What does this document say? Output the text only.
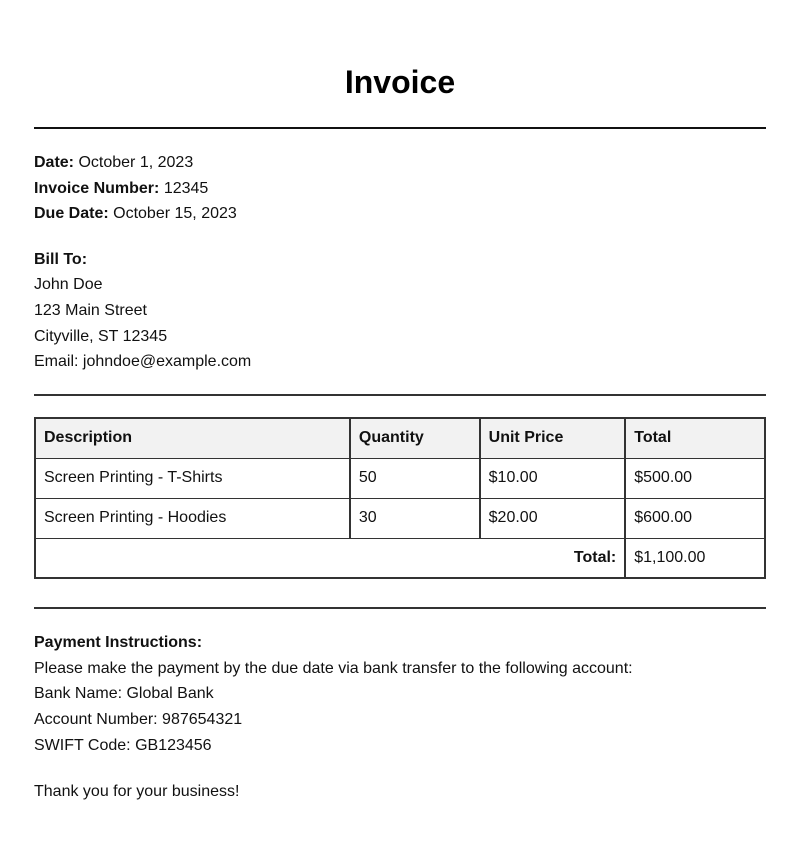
Invoice
Date: October 1, 2023
Invoice Number: 12345
Due Date: October 15, 2023
Bill To:
John Doe
123 Main Street
Cityville, ST 12345
Email: johndoe@example.com
Description	Quantity	Unit Price	Total
Screen Printing - T-Shirts	50	$10.00	$500.00
Screen Printing - Hoodies	30	$20.00	$600.00
Total:			$1,100.00
Payment Instructions:
Please make the payment by the due date via bank transfer to the following account:
Bank Name: Global Bank
Account Number: 987654321
SWIFT Code: GB123456
Thank you for your business!
